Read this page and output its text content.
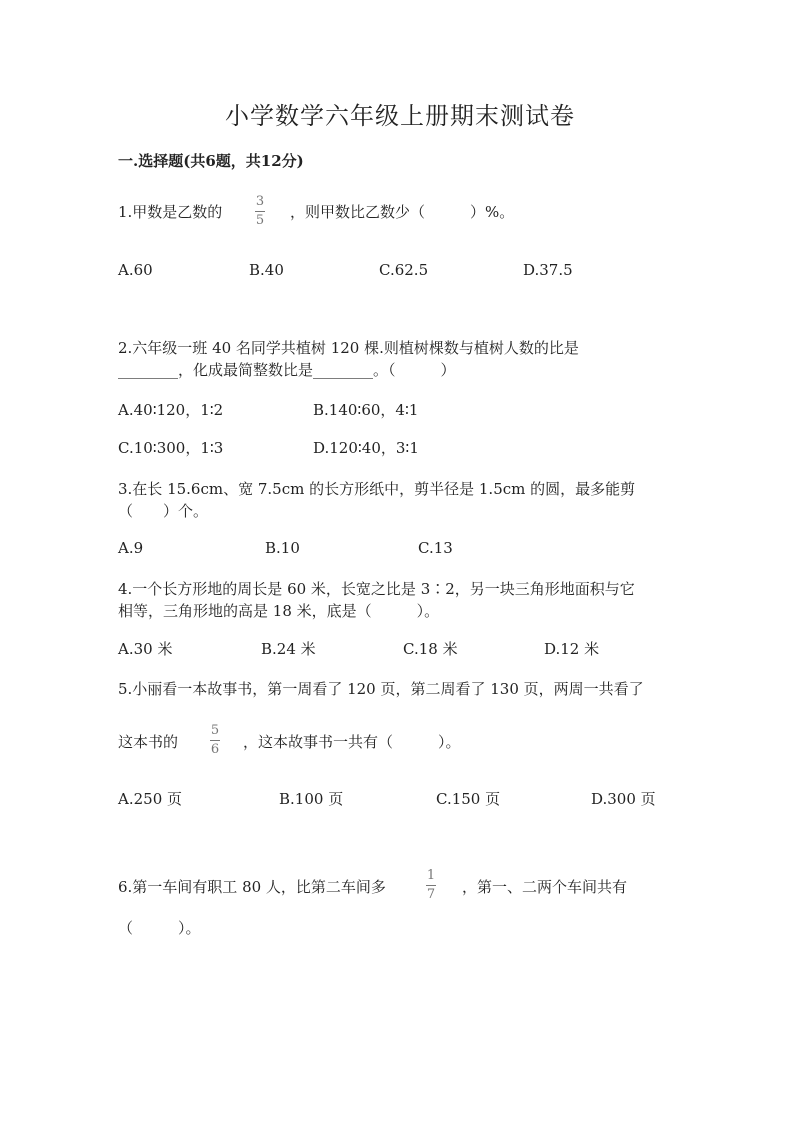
小学数学六年级上册期末测试卷
一.选择题(共6题，共12分)
1.甲数是乙数的
3
5 ，则甲数比乙数少（　　　）%。
A.60	B.40	C.62.5	D.37.5
2.六年级一班 40 名同学共植树 120 棵.则植树棵数与植树人数的比是
________，化成最简整数比是________。（　　　）
A.40∶120，1∶2	B.140∶60，4∶1
C.10∶300，1∶3	D.120∶40，3∶1
3.在长 15.6cm、宽 7.5cm 的长方形纸中，剪半径是 1.5cm 的圆，最多能剪
（　　）个。
A.9	B.10	C.13
4.一个长方形地的周长是 60 米，长宽之比是 3∶2，另一块三角形地面积与它
相等，三角形地的高是 18 米，底是（　　　）。
A.30 米	B.24 米	C.18 米	D.12 米
5.小丽看一本故事书，第一周看了 120 页，第二周看了 130 页，两周一共看了
这本书的
5
6 ，这本故事书一共有（　　　）。
A.250 页	B.100 页	C.150 页	D.300 页
6.第一车间有职工 80 人，比第二车间多
1
7 ，第一、二两个车间共有
（　　　）。
